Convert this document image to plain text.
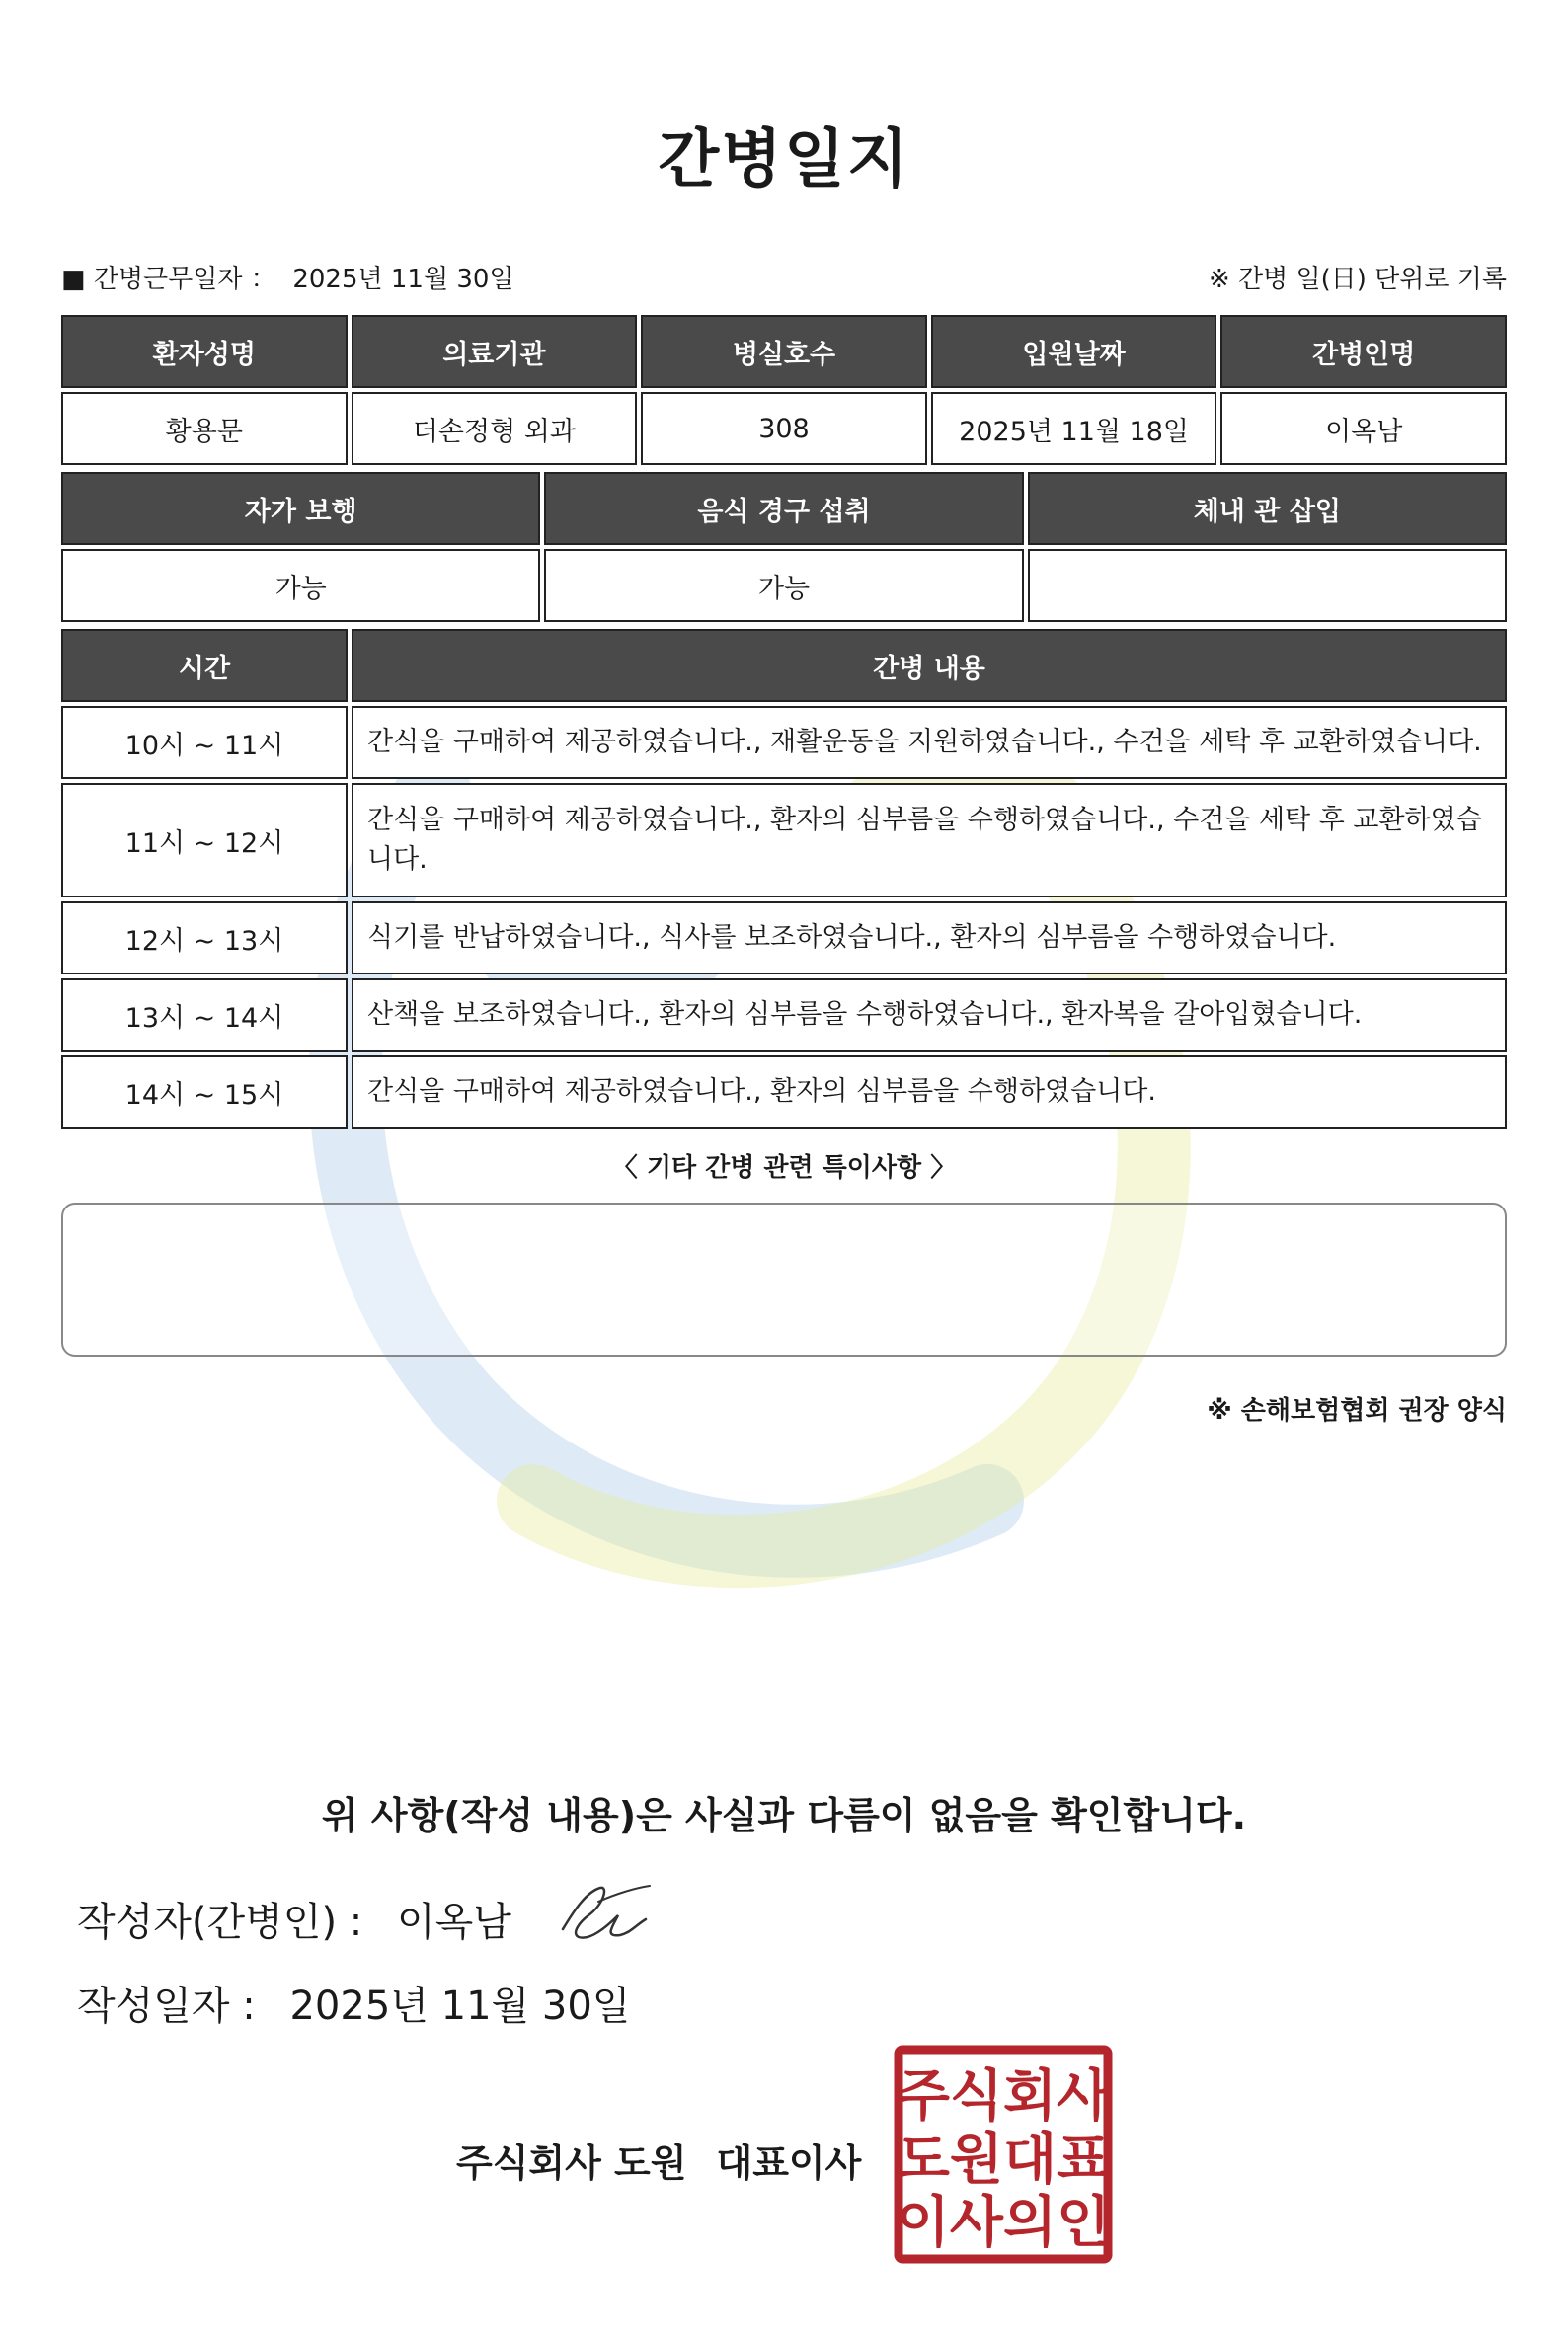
간병일지
■ 간병근무일자 ： 2025년 11월 30일	※ 간병 일(日) 단위로 기록
환자성명	의료기관	병실호수	입원날짜	간병인명
황용문	더손정형 외과	308	2025년 11월 18일	이옥남
자가 보행	음식 경구 섭취	체내 관 삽입
가능	가능	
시간	간병 내용
10시 ~ 11시	간식을 구매하여 제공하였습니다., 재활운동을 지원하였습니다., 수건을 세탁 후 교환하였습니다.
11시 ~ 12시	간식을 구매하여 제공하였습니다., 환자의 심부름을 수행하였습니다., 수건을 세탁 후 교환하였습니다.
12시 ~ 13시	식기를 반납하였습니다., 식사를 보조하였습니다., 환자의 심부름을 수행하였습니다.
13시 ~ 14시	산책을 보조하였습니다., 환자의 심부름을 수행하였습니다., 환자복을 갈아입혔습니다.
14시 ~ 15시	간식을 구매하여 제공하였습니다., 환자의 심부름을 수행하였습니다.
〈 기타 간병 관련 특이사항 〉
※ 손해보험협회 권장 양식
위 사항(작성 내용)은 사실과 다름이 없음을 확인합니다.
작성자(간병인) : 이옥남
작성일자 : 2025년 11월 30일
주식회사 도원 대표이사
주식회사
도원대표
이사의인
